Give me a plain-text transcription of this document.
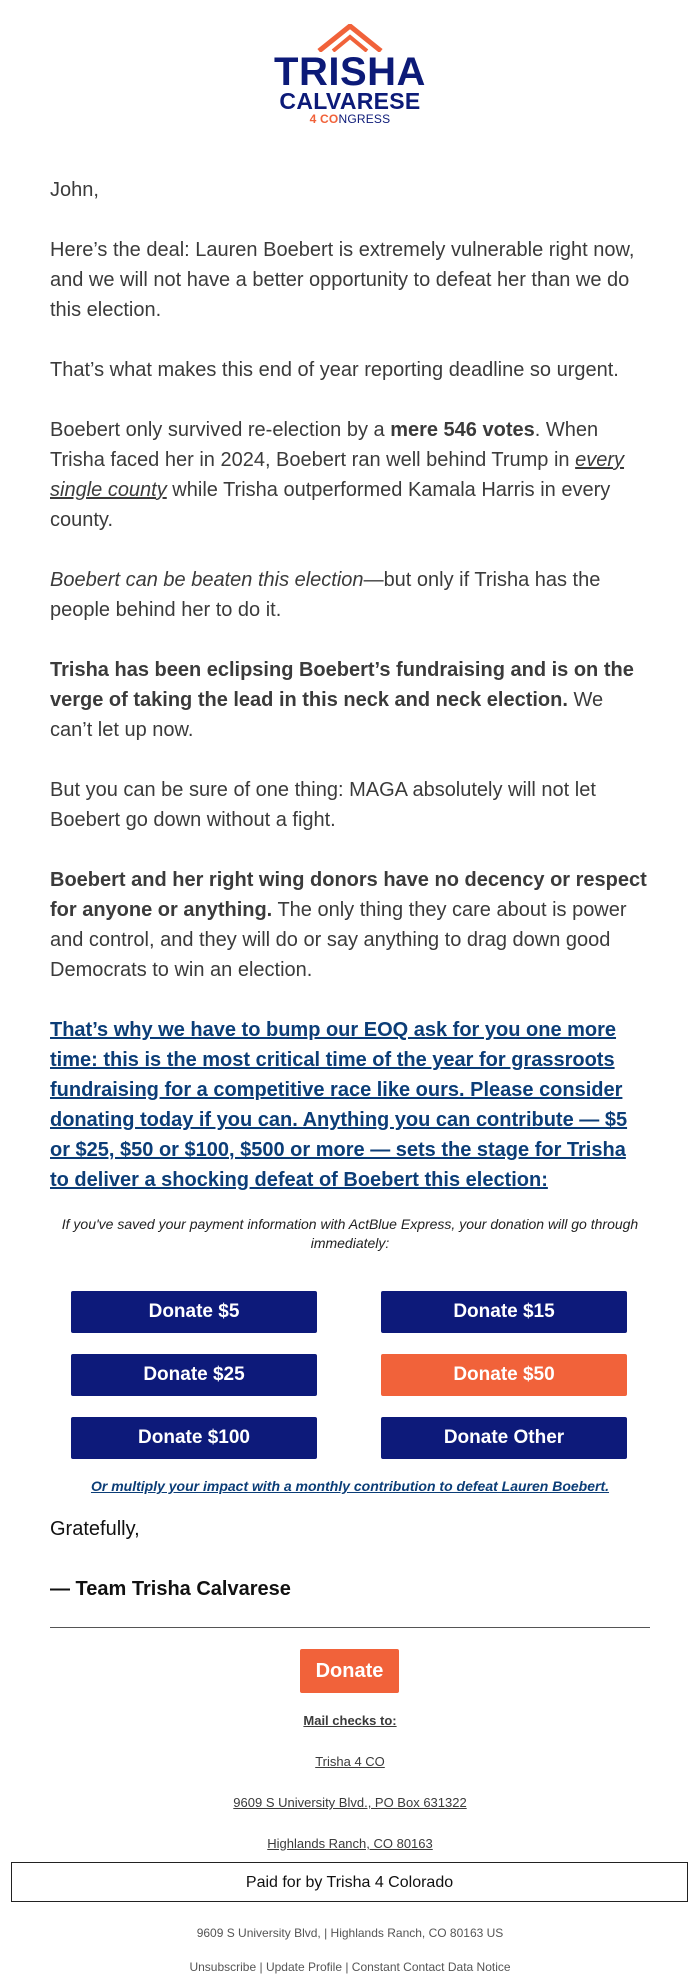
TRISHA
CALVARESE
4 CONGRESS

John,

Here’s the deal: Lauren Boebert is extremely vulnerable right now, and we will not have a better opportunity to defeat her than we do this election.

That’s what makes this end of year reporting deadline so urgent.

Boebert only survived re-election by a mere 546 votes. When Trisha faced her in 2024, Boebert ran well behind Trump in every single county while Trisha outperformed Kamala Harris in every county.

Boebert can be beaten this election—but only if Trisha has the people behind her to do it.

Trisha has been eclipsing Boebert’s fundraising and is on the verge of taking the lead in this neck and neck election. We can’t let up now.

But you can be sure of one thing: MAGA absolutely will not let Boebert go down without a fight.

Boebert and her right wing donors have no decency or respect for anyone or anything. The only thing they care about is power and control, and they will do or say anything to drag down good Democrats to win an election.

That’s why we have to bump our EOQ ask for you one more time: this is the most critical time of the year for grassroots fundraising for a competitive race like ours. Please consider donating today if you can. Anything you can contribute — $5 or $25, $50 or $100, $500 or more — sets the stage for Trisha to deliver a shocking defeat of Boebert this election:

If you've saved your payment information with ActBlue Express, your donation will go through immediately:
Donate $5	Donate $15
Donate $25	Donate $50
Donate $100	Donate Other
Or multiply your impact with a monthly contribution to defeat Lauren Boebert.
Gratefully,
— Team Trisha Calvarese
Donate
Mail checks to:
Trisha 4 CO
9609 S University Blvd., PO Box 631322
Highlands Ranch, CO 80163
Paid for by Trisha 4 Colorado
9609 S University Blvd, | Highlands Ranch, CO 80163 US
Unsubscribe | Update Profile | Constant Contact Data Notice
